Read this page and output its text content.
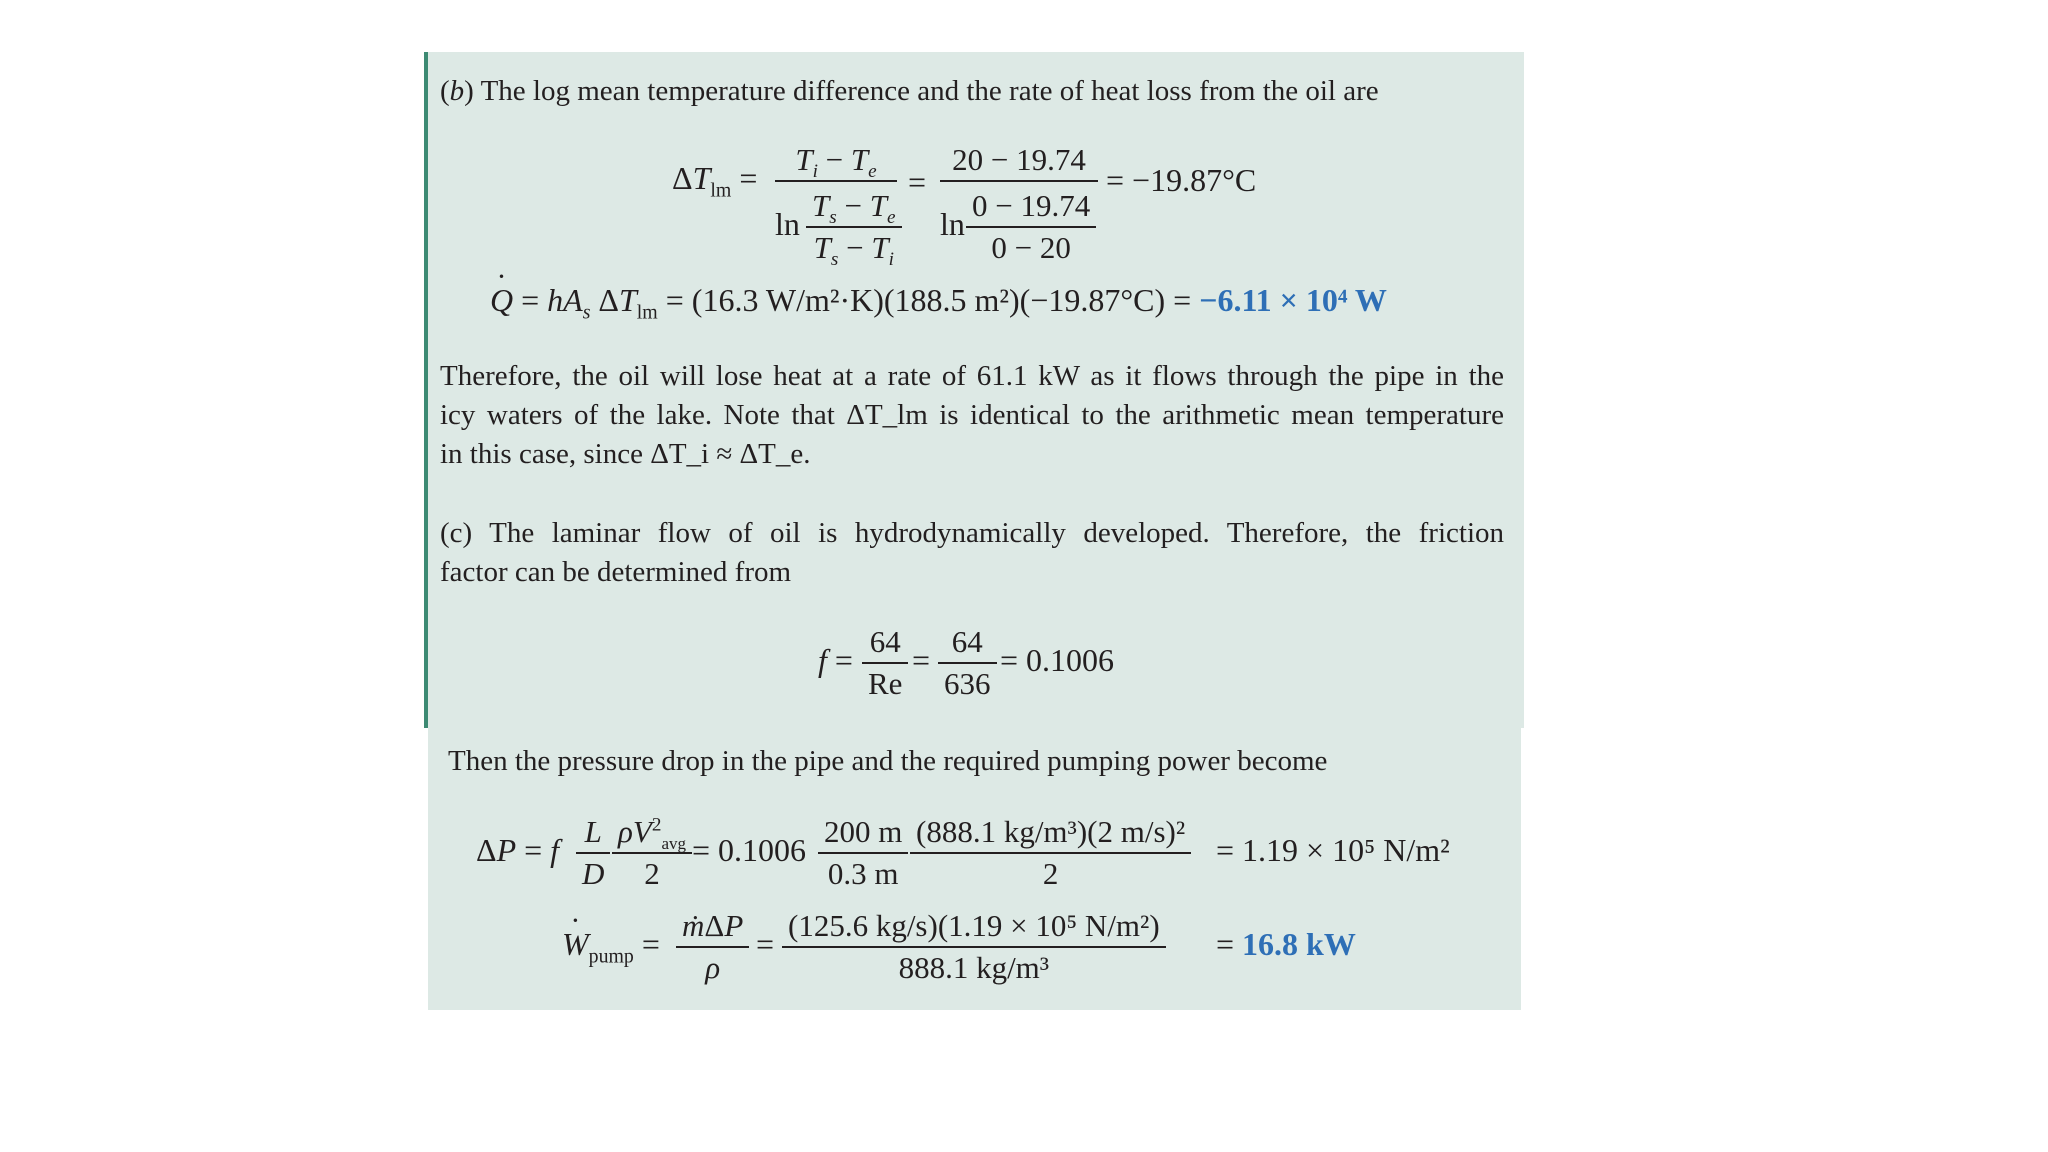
(b) The log mean temperature difference and the rate of heat loss from the oil are
$\Delta T_{lm}$ =
$T_i - T_e$
$\ln \frac{T_s - T_e}{T_s - T_i}$
=
20 − 19.74
$\ln \frac{0 - 19.74}{0 - 20}$
= −19.87°C
· $Q = hA_s$ $\Delta T_{lm} = (16.3$ W/m²·K)(188.5 m²)(−19.87°C) = −6.11 × 10⁴ W
Therefore, the oil will lose heat at a rate of 61.1 kW as it flows through the pipe in the
icy waters of the lake. Note that ΔT_lm is identical to the arithmetic mean temperature
in this case, since ΔT_i ≈ ΔT_e.
(c) The laminar flow of oil is hydrodynamically developed. Therefore, the friction
factor can be determined from
$f = \frac{64}{Re} = \frac{64}{636} = 0.1006$
Then the pressure drop in the pipe and the required pumping power become
ΔP = f $\frac{L}{D} \rho V^2_{avg}$
2
= $0.1006 \frac{200 m}{0.3 m} \frac{\text{(888.1 kg/m³)(2 m/s)²}}{2} = 1.19 \times 10^5$ N/m²
· $W_{pump}$ =
ṁΔP
ρ
= $\frac{\text{(125.6 kg/s)(1.19 × 10⁵ N/m²)}}{\text{888.1 kg/m³}} = 16.8$ kW
